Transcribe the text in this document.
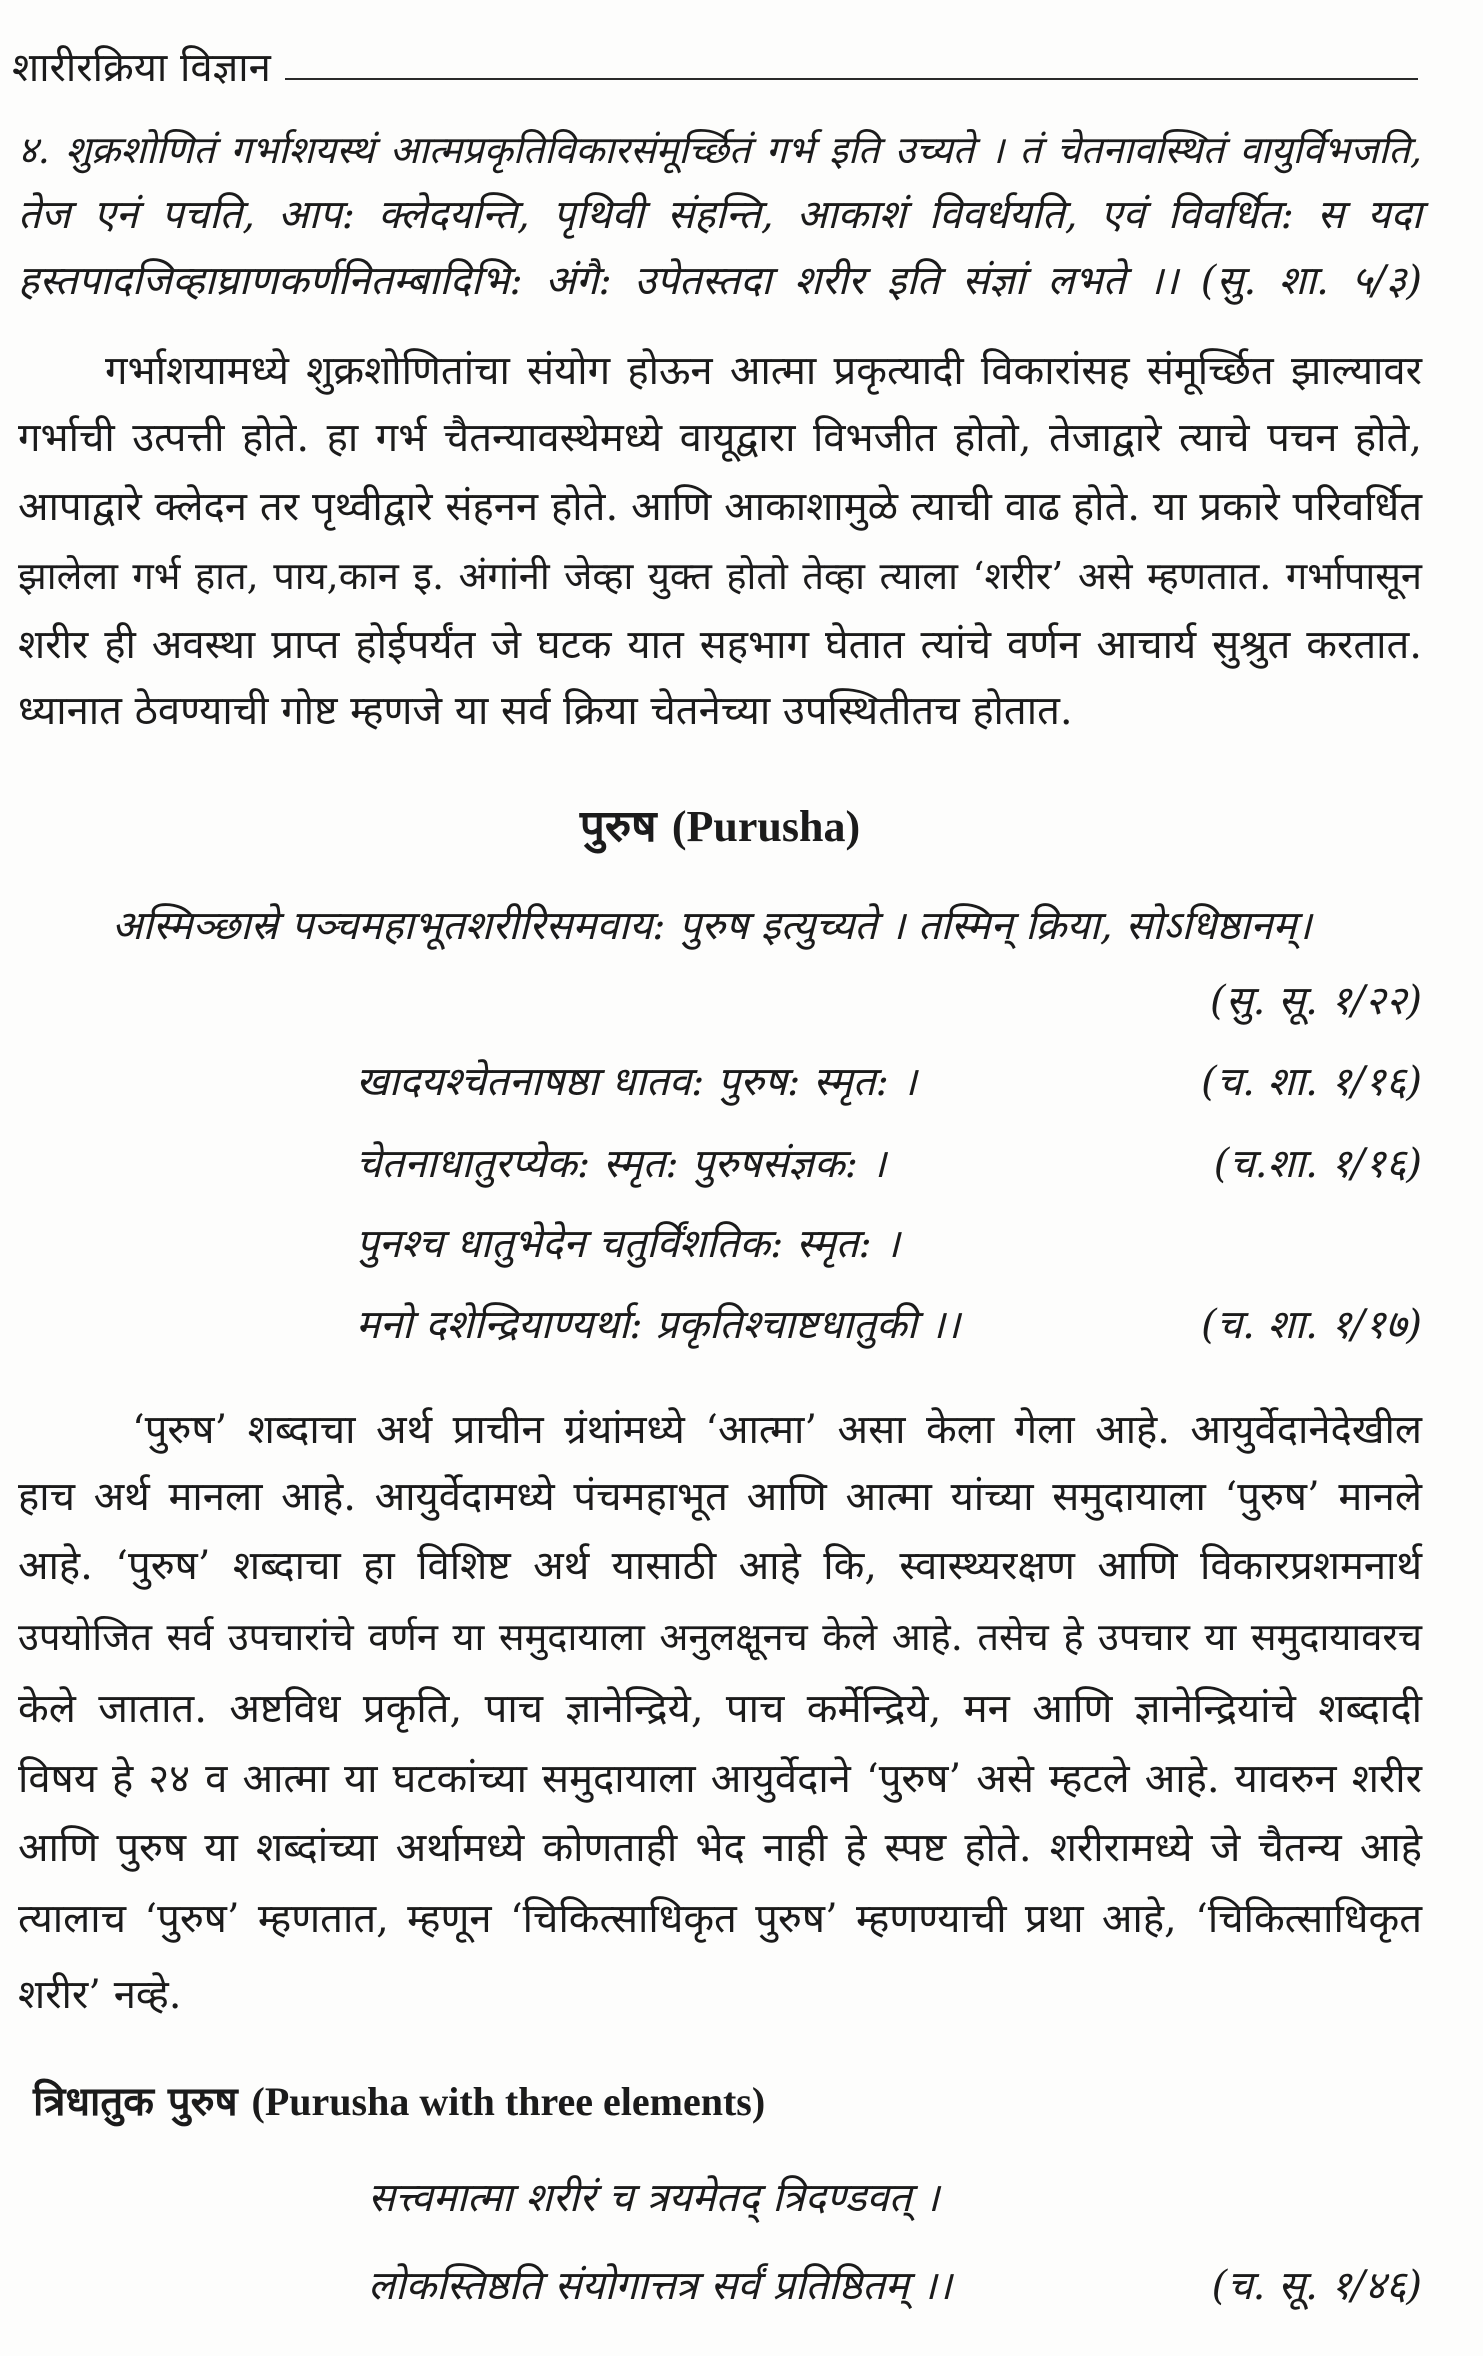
शारीरक्रिया विज्ञान
४. शुक्रशोणितं गर्भाशयस्थं आत्मप्रकृतिविकारसंमूर्च्छितं गर्भ इति उच्यते । तं चेतनावस्थितं वायुर्विभजति,
तेज एनं पचति, आप: क्लेदयन्ति, पृथिवी संहन्ति, आकाशं विवर्धयति, एवं विवर्धित: स यदा
हस्तपादजिव्हाघ्राणकर्णनितम्बादिभि: अंगै: उपेतस्तदा शरीर इति संज्ञां लभते ।। (सु. शा. ५/३)
गर्भाशयामध्ये शुक्रशोणितांचा संयोग होऊन आत्मा प्रकृत्यादी विकारांसह संमूर्च्छित झाल्यावर
गर्भाची उत्पत्ती होते. हा गर्भ चैतन्यावस्थेमध्ये वायूद्वारा विभजीत होतो, तेजाद्वारे त्याचे पचन होते,
आपाद्वारे क्लेदन तर पृथ्वीद्वारे संहनन होते. आणि आकाशामुळे त्याची वाढ होते. या प्रकारे परिवर्धित
झालेला गर्भ हात, पाय,कान इ. अंगांनी जेव्हा युक्त होतो तेव्हा त्याला ‘शरीर’ असे म्हणतात. गर्भापासून
शरीर ही अवस्था प्राप्त होईपर्यंत जे घटक यात सहभाग घेतात त्यांचे वर्णन आचार्य सुश्रुत करतात.
ध्यानात ठेवण्याची गोष्ट म्हणजे या सर्व क्रिया चेतनेच्या उपस्थितीतच होतात.
पुरुष (Purusha)
अस्मिञ्छास्रे पञ्चमहाभूतशरीरिसमवाय: पुरुष इत्युच्यते । तस्मिन् क्रिया, सोऽधिष्ठानम्।
(सु. सू. १/२२)
खादयश्चेतनाषष्ठा धातव: पुरुष: स्मृत: ।	(च. शा. १/१६)
चेतनाधातुरप्येक: स्मृत: पुरुषसंज्ञक: ।	(च.शा. १/१६)
पुनश्च धातुभेदेन चतुर्विंशतिक: स्मृत: ।
मनो दशेन्द्रियाण्यर्था: प्रकृतिश्चाष्टधातुकी ।।	(च. शा. १/१७)
‘पुरुष’ शब्दाचा अर्थ प्राचीन ग्रंथांमध्ये ‘आत्मा’ असा केला गेला आहे. आयुर्वेदानेदेखील
हाच अर्थ मानला आहे. आयुर्वेदामध्ये पंचमहाभूत आणि आत्मा यांच्या समुदायाला ‘पुरुष’ मानले
आहे. ‘पुरुष’ शब्दाचा हा विशिष्ट अर्थ यासाठी आहे कि, स्वास्थ्यरक्षण आणि विकारप्रशमनार्थ
उपयोजित सर्व उपचारांचे वर्णन या समुदायाला अनुलक्षूनच केले आहे. तसेच हे उपचार या समुदायावरच
केले जातात. अष्टविध प्रकृति, पाच ज्ञानेन्द्रिये, पाच कर्मेन्द्रिये, मन आणि ज्ञानेन्द्रियांचे शब्दादी
विषय हे २४ व आत्मा या घटकांच्या समुदायाला आयुर्वेदाने ‘पुरुष’ असे म्हटले आहे. यावरुन शरीर
आणि पुरुष या शब्दांच्या अर्थामध्ये कोणताही भेद नाही हे स्पष्ट होते. शरीरामध्ये जे चैतन्य आहे
त्यालाच ‘पुरुष’ म्हणतात, म्हणून ‘चिकित्साधिकृत पुरुष’ म्हणण्याची प्रथा आहे, ‘चिकित्साधिकृत
शरीर’ नव्हे.
त्रिधातुक पुरुष (Purusha with three elements)
सत्त्वमात्मा शरीरं च त्रयमेतद् त्रिदण्डवत् ।
लोकस्तिष्ठति संयोगात्तत्र सर्वं प्रतिष्ठितम् ।।	(च. सू. १/४६)
